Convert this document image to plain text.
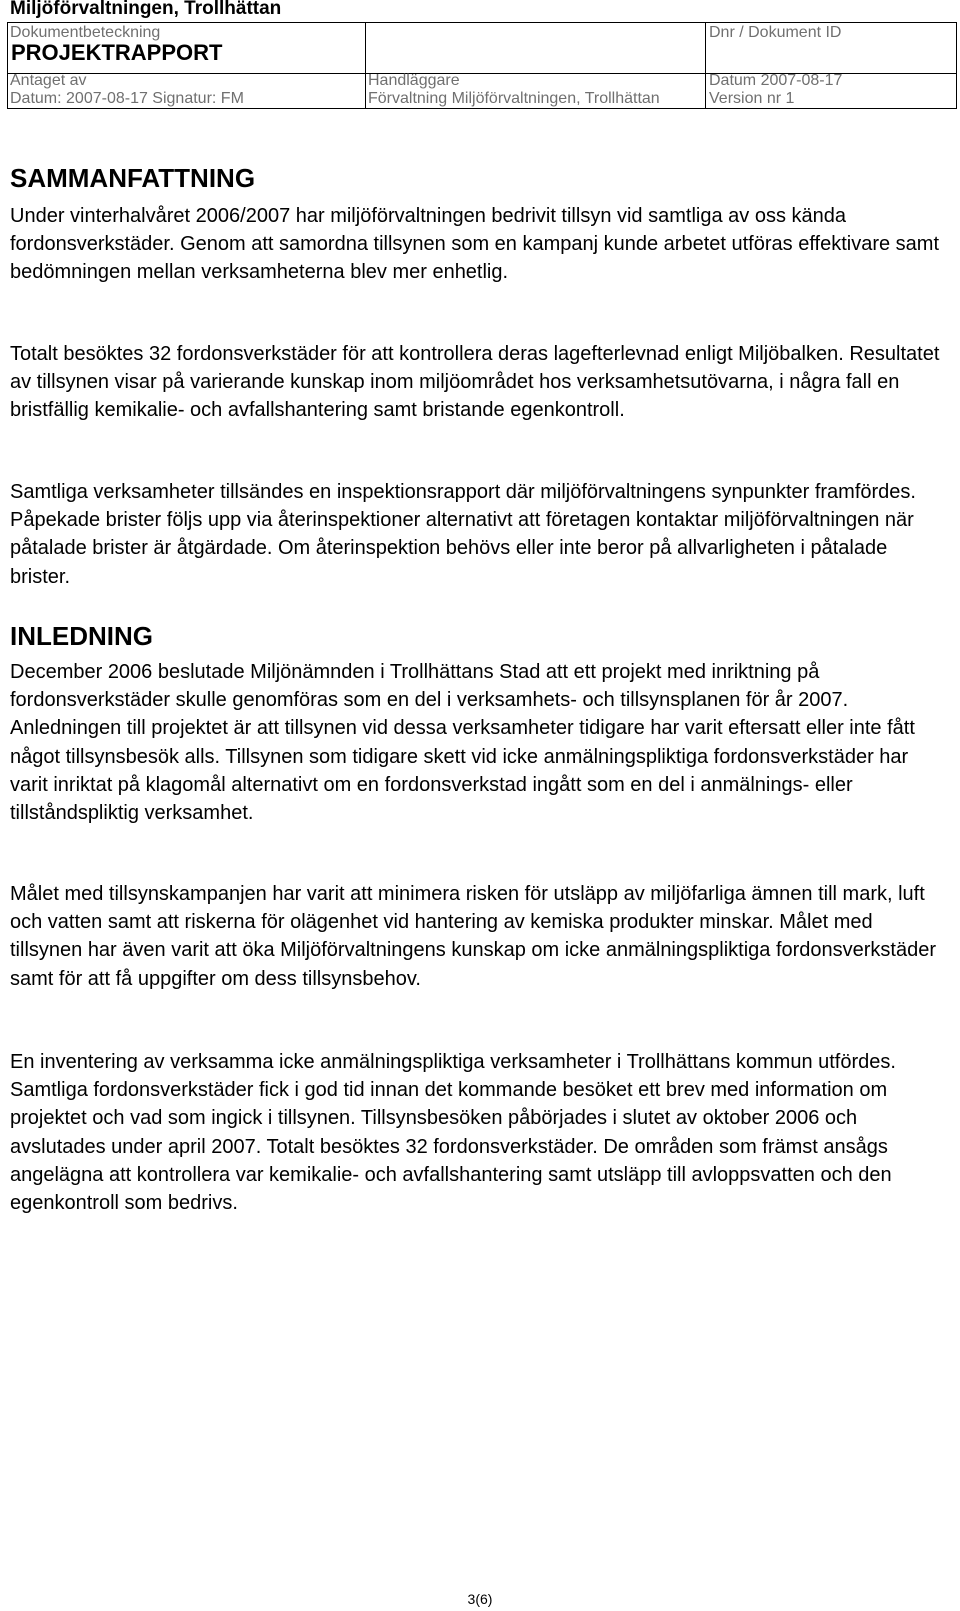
Miljöförvaltningen, Trollhättan
Dokumentbeteckning
PROJEKTRAPPORT
Dnr / Dokument ID
Antaget av
Datum: 2007-08-17 Signatur: FM
Handläggare
Förvaltning Miljöförvaltningen, Trollhättan
Datum 2007-08-17
Version nr 1
SAMMANFATTNING

Under vinterhalvåret 2006/2007 har miljöförvaltningen bedrivit tillsyn vid samtliga av oss kända fordonsverkstäder. Genom att samordna tillsynen som en kampanj kunde arbetet utföras effektivare samt bedömningen mellan verksamheterna blev mer enhetlig.

Totalt besöktes 32 fordonsverkstäder för att kontrollera deras lagefterlevnad enligt Miljöbalken. Resultatet av tillsynen visar på varierande kunskap inom miljöområdet hos verksamhetsutövarna, i några fall en bristfällig kemikalie- och avfallshantering samt bristande egenkontroll.

Samtliga verksamheter tillsändes en inspektionsrapport där miljöförvaltningens synpunkter framfördes. Påpekade brister följs upp via återinspektioner alternativt att företagen kontaktar miljöförvaltningen när påtalade brister är åtgärdade. Om återinspektion behövs eller inte beror på allvarligheten i påtalade brister.

INLEDNING

December 2006 beslutade Miljönämnden i Trollhättans Stad att ett projekt med inriktning på fordonsverkstäder skulle genomföras som en del i verksamhets- och tillsynsplanen för år 2007. Anledningen till projektet är att tillsynen vid dessa verksamheter tidigare har varit eftersatt eller inte fått något tillsynsbesök alls. Tillsynen som tidigare skett vid icke anmälningspliktiga fordonsverkstäder har varit inriktat på klagomål alternativt om en fordonsverkstad ingått som en del i anmälnings- eller tillståndspliktig verksamhet.

Målet med tillsynskampanjen har varit att minimera risken för utsläpp av miljöfarliga ämnen till mark, luft och vatten samt att riskerna för olägenhet vid hantering av kemiska produkter minskar. Målet med tillsynen har även varit att öka Miljöförvaltningens kunskap om icke anmälningspliktiga fordonsverkstäder samt för att få uppgifter om dess tillsynsbehov.

En inventering av verksamma icke anmälningspliktiga verksamheter i Trollhättans kommun utfördes. Samtliga fordonsverkstäder fick i god tid innan det kommande besöket ett brev med information om projektet och vad som ingick i tillsynen. Tillsynsbesöken påbörjades i slutet av oktober 2006 och avslutades under april 2007. Totalt besöktes 32 fordonsverkstäder. De områden som främst ansågs angelägna att kontrollera var kemikalie- och avfallshantering samt utsläpp till avloppsvatten och den egenkontroll som bedrivs.

3(6)
